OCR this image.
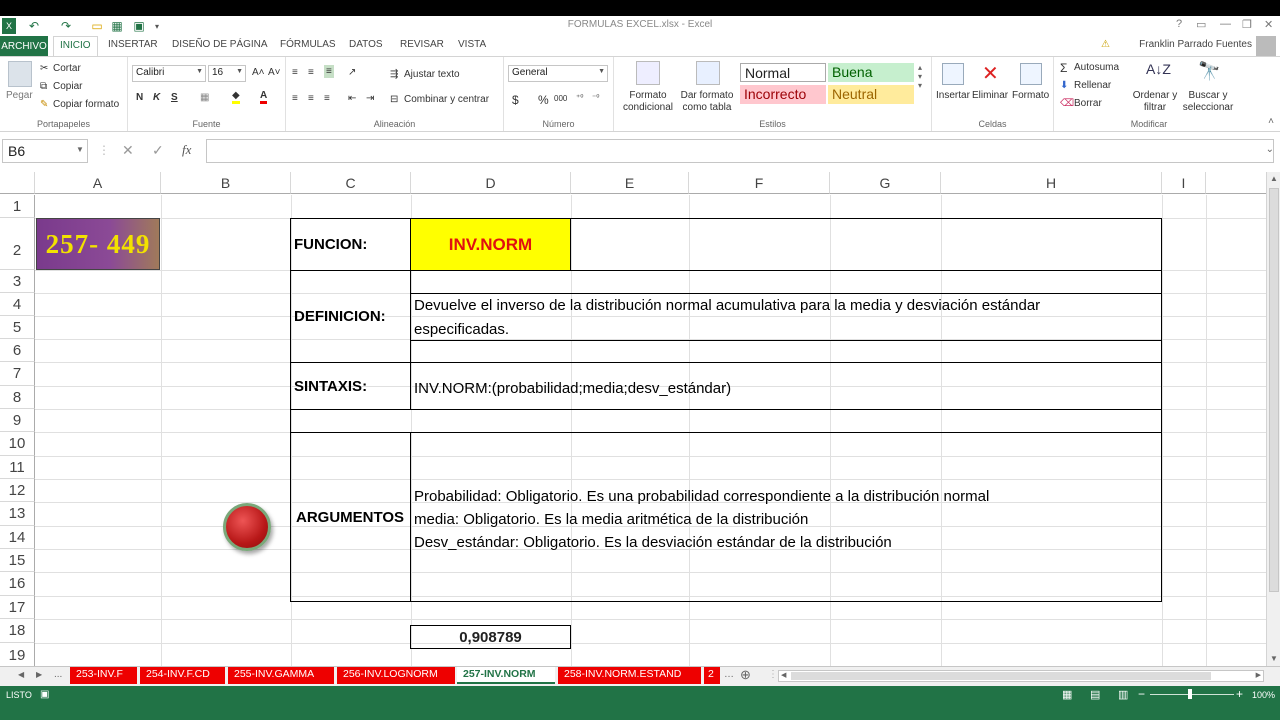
X	↶ ↷ ▭ ▦ ▣	▾	FORMULAS EXCEL.xlsx - Excel	? ▭ — ❐ ✕
ARCHIVO	INICIO	INSERTAR DISEÑO DE PÁGINA FÓRMULAS DATOS REVISAR VISTA	⚠	Franklin Parrado Fuentes
Pegar
✂ Cortar
⧉ Copiar
✎ Copiar formato
Portapapeles
Calibri	▼ 16 ▼ A˄ A˅
N K S ▦ ◆ A
Fuente
≡ ≡ ≡ ↗	⇶ Ajustar texto
≡ ≡ ≡ ⇤ ⇥ ⊟ Combinar y centrar
Alineación
General	▼
$ % 000 ⁺⁰ ⁻⁰
Número
Formato condicional
Dar formato como tabla
Normal	Buena
Incorrecto	Neutral
▴
▾
▾
Estilos
Insertar
✕
Eliminar Formato
Celdas
Σ Autosuma
⬇ Rellenar
⌫ Borrar
A↓Z
Ordenar y filtrar
🔭
Buscar y seleccionar
Modificar	˄
B6	▼ ⋮ ✕ ✓ fx	⌄
A	B	C	D	E	F	G	H	I
1
2
3
4
5
6
7
8
9
10
11
12
13
14
15
16
17
18
19
257- 449	INV.NORM
FUNCION:
DEFINICION:
Devuelve el inverso de la distribución normal acumulativa para la media y desviación estándar
especificadas.
SINTAXIS:	INV.NORM:(probabilidad;media;desv_estándar)
ARGUMENTOS
Probabilidad: Obligatorio. Es una probabilidad correspondiente a la distribución normal
media: Obligatorio. Es la media aritmética de la distribución
Desv_estándar: Obligatorio. Es la desviación estándar de la distribución
0,908789
▲
▼
◀ ▶ ...	253-INV.F	254-INV.F.CD	255-INV.GAMMA	256-INV.LOGNORM	257-INV.NORM	258-INV.NORM.ESTAND	2	… ⊕ ⋮ ◀	▶
LISTO ▣	▦ ▤ ▥ −	+ 100%
